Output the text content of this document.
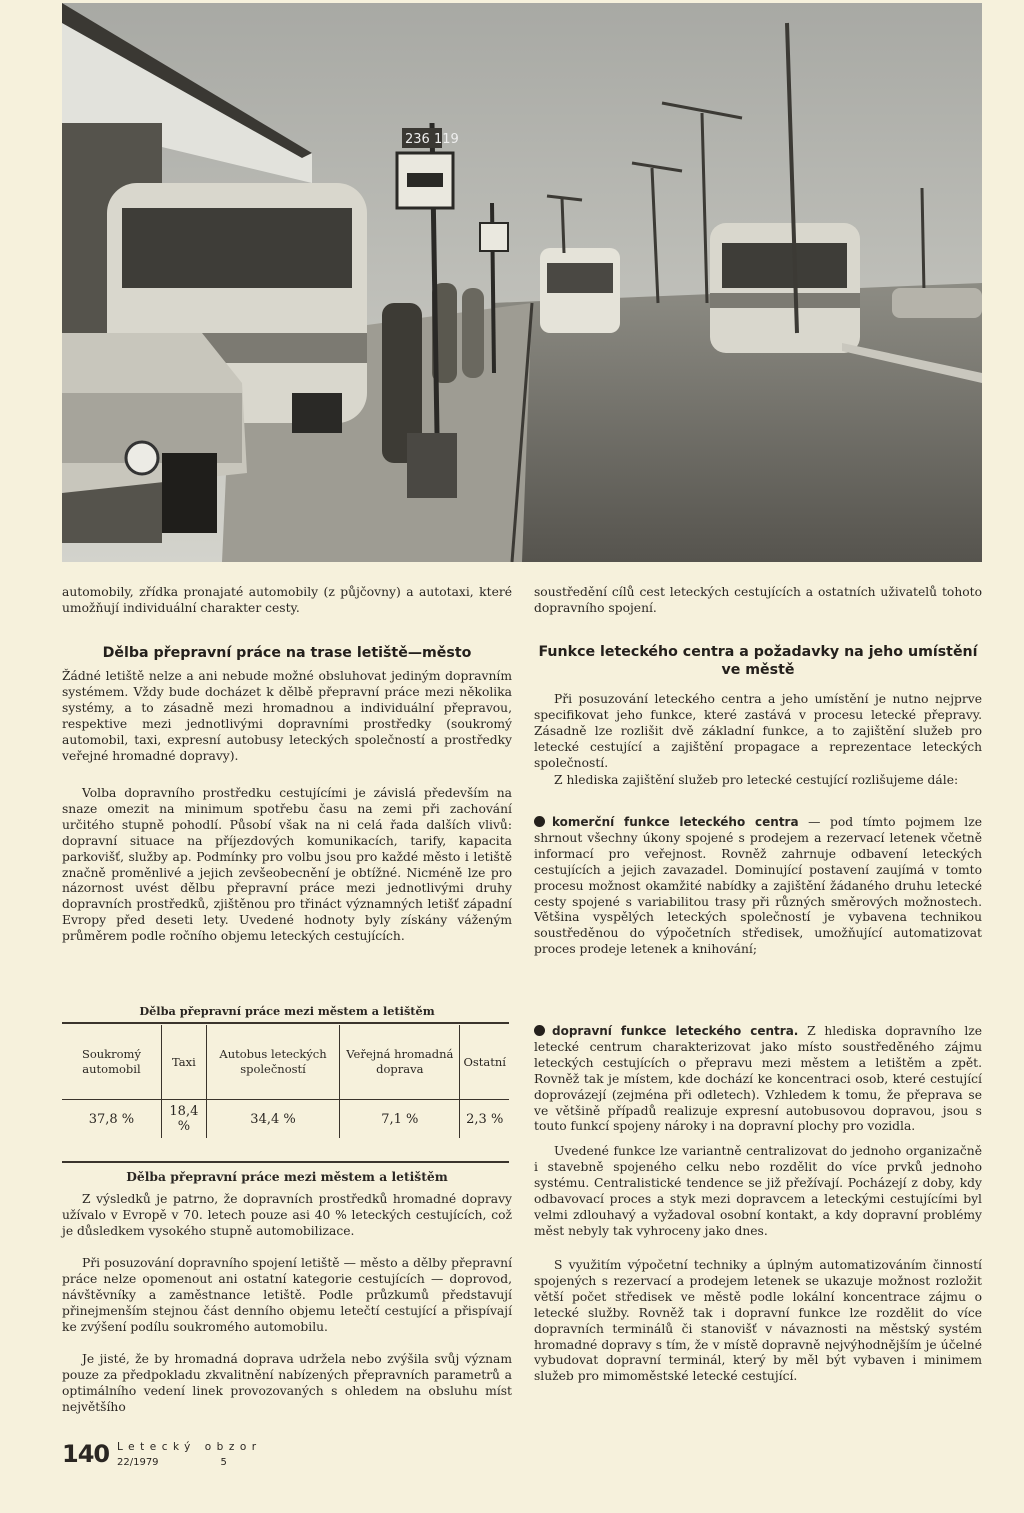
236 119

automobily, zřídka pronajaté automobily (z půjčovny) a autotaxi, které umožňují individuální charakter cesty.

Dělba přepravní práce na trase letiště—město

Žádné letiště nelze a ani nebude možné obsluhovat jediným dopravním systémem. Vždy bude docházet k dělbě přepravní práce mezi několika systémy, a to zásadně mezi hromadnou a individuální přepravou, respektive mezi jednotlivými dopravními prostředky (soukromý automobil, taxi, expresní autobusy leteckých společností a prostředky veřejné hromadné dopravy).

Volba dopravního prostředku cestujícími je závislá především na snaze omezit na minimum spotřebu času na zemi při zachování určitého stupně pohodlí. Působí však na ni celá řada dalších vlivů: dopravní situace na příjezdových komunikacích, tarify, kapacita parkovišť, služby ap. Podmínky pro volbu jsou pro každé město i letiště značně proměnlivé a jejich zevšeobecnění je obtížné. Nicméně lze pro názornost uvést dělbu přepravní práce mezi jednotlivými druhy dopravních prostředků, zjištěnou pro třináct významných letišť západní Evropy před deseti lety. Uvedené hodnoty byly získány váženým průměrem podle ročního objemu leteckých cestujících.

Dělba přepravní práce mezi městem a letištěm

Soukromý automobil	Taxi	Autobus leteckých společností	Veřejná hromadná doprava	Ostatní
37,8 %	18,4 %	34,4 %	7,1 %	2,3 %

Dělba přepravní práce mezi městem a letištěm

Z výsledků je patrno, že dopravních prostředků hromadné dopravy užívalo v Evropě v 70. letech pouze asi 40 % leteckých cestujících, což je důsledkem vysokého stupně automobilizace.

Při posuzování dopravního spojení letiště — město a dělby přepravní práce nelze opomenout ani ostatní kategorie cestujících — doprovod, návštěvníky a zaměstnance letiště. Podle průzkumů představují přinejmenším stejnou část denního objemu letečtí cestující a přispívají ke zvýšení podílu soukromého automobilu.

Je jisté, že by hromadná doprava udržela nebo zvýšila svůj význam pouze za předpokladu zkvalitnění nabízených přepravních parametrů a optimálního vedení linek provozovaných s ohledem na obsluhu míst největšího

soustředění cílů cest leteckých cestujících a ostatních uživatelů tohoto dopravního spojení.

Funkce leteckého centra a požadavky na jeho umístění ve městě

Při posuzování leteckého centra a jeho umístění je nutno nejprve specifikovat jeho funkce, které zastává v procesu letecké přepravy. Zásadně lze rozlišit dvě základní funkce, a to zajištění služeb pro letecké cestující a zajištění propagace a reprezentace leteckých společností.

Z hlediska zajištění služeb pro letecké cestující rozlišujeme dále:

komerční funkce leteckého centra — pod tímto pojmem lze shrnout všechny úkony spojené s prodejem a rezervací letenek včetně informací pro veřejnost. Rovněž zahrnuje odbavení leteckých cestujících a jejich zavazadel. Dominující postavení zaujímá v tomto procesu možnost okamžité nabídky a zajištění žádaného druhu letecké cesty spojené s variabilitou trasy při různých směrových možnostech. Většina vyspělých leteckých společností je vybavena technikou soustředěnou do výpočetních středisek, umožňující automatizovat proces prodeje letenek a knihování;

dopravní funkce leteckého centra. Z hlediska dopravního lze letecké centrum charakterizovat jako místo soustředěného zájmu leteckých cestujících o přepravu mezi městem a letištěm a zpět. Rovněž tak je místem, kde dochází ke koncentraci osob, které cestující doprovázejí (zejména při odletech). Vzhledem k tomu, že přeprava se ve většině případů realizuje expresní autobusovou dopravou, jsou s touto funkcí spojeny nároky i na dopravní plochy pro vozidla.

Uvedené funkce lze variantně centralizovat do jednoho organizačně i stavebně spojeného celku nebo rozdělit do více prvků jednoho systému. Centralistické tendence se již přežívají. Pocházejí z doby, kdy odbavovací proces a styk mezi dopravcem a leteckými cestujícími byl velmi zdlouhavý a vyžadoval osobní kontakt, a kdy dopravní problémy měst nebyly tak vyhroceny jako dnes.

S využitím výpočetní techniky a úplným automatizováním činností spojených s rezervací a prodejem letenek se ukazuje možnost rozložit větší počet středisek ve městě podle lokální koncentrace zájmu o letecké služby. Rovněž tak i dopravní funkce lze rozdělit do více dopravních terminálů či stanovišť v návaznosti na městský systém hromadné dopravy s tím, že v místě dopravně nejvýhodnějším je účelné vybudovat dopravní terminál, který by měl být vybaven i minimem služeb pro mimoměstské letecké cestující.

140 Letecký obzor
22/1979	5
